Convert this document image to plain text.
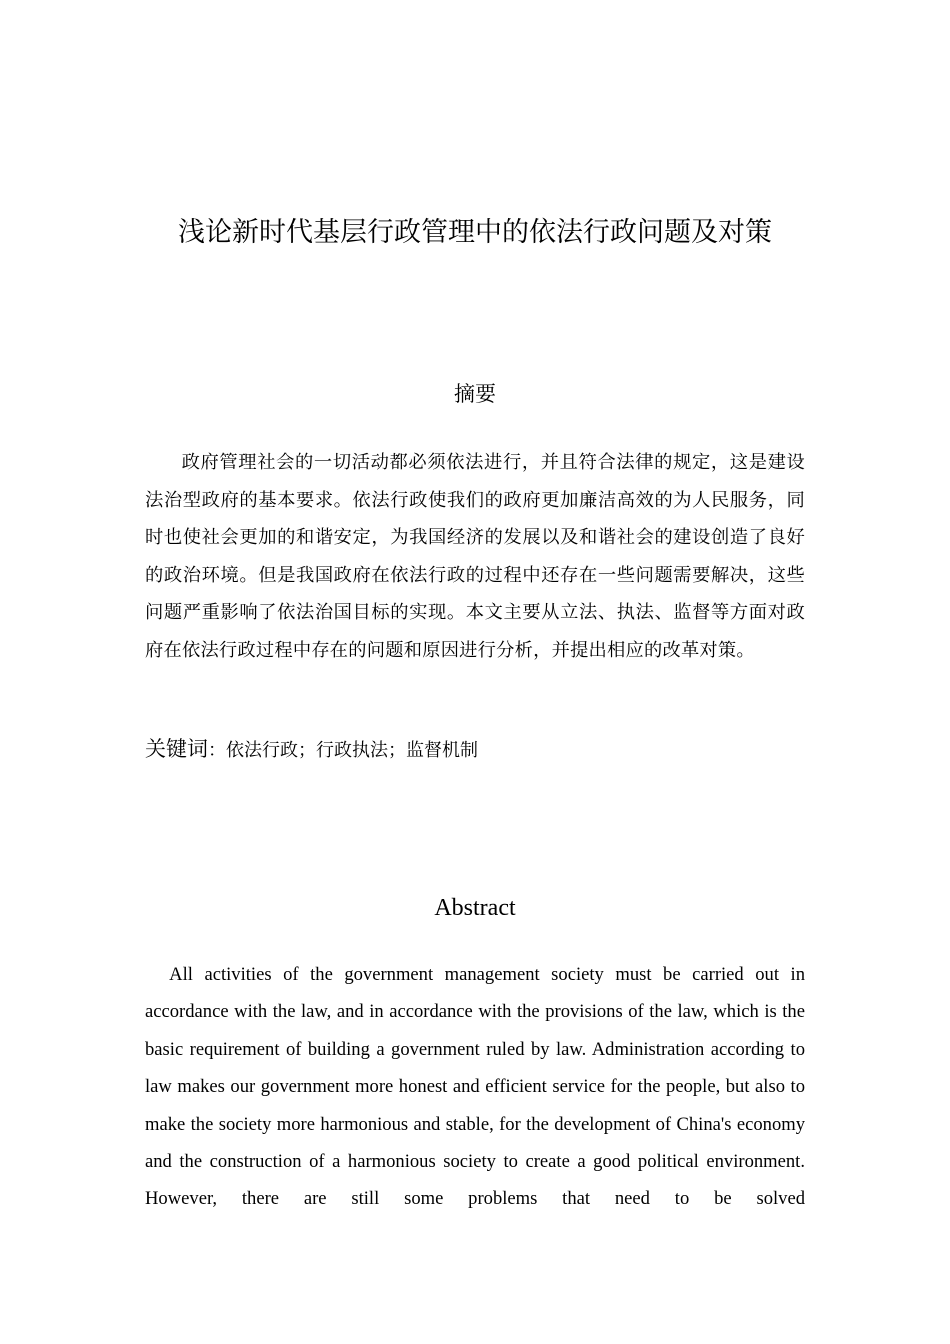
浅论新时代基层行政管理中的依法行政问题及对策
摘要

政府管理社会的一切活动都必须依法进行，并且符合法律的规定，这是建设法治型政府的基本要求。依法行政使我们的政府更加廉洁高效的为人民服务，同时也使社会更加的和谐安定，为我国经济的发展以及和谐社会的建设创造了良好的政治环境。但是我国政府在依法行政的过程中还存在一些问题需要解决，这些问题严重影响了依法治国目标的实现。本文主要从立法、执法、监督等方面对政府在依法行政过程中存在的问题和原因进行分析，并提出相应的改革对策。

关键词：依法行政；行政执法；监督机制

Abstract

All activities of the government management society must be carried out in accordance with the law, and in accordance with the provisions of the law, which is the basic requirement of building a government ruled by law. Administration according to law makes our government more honest and efficient service for the people, but also to make the society more harmonious and stable, for the development of China's economy and the construction of a harmonious society to create a good political environment. However, there are still some problems that need to be solved
